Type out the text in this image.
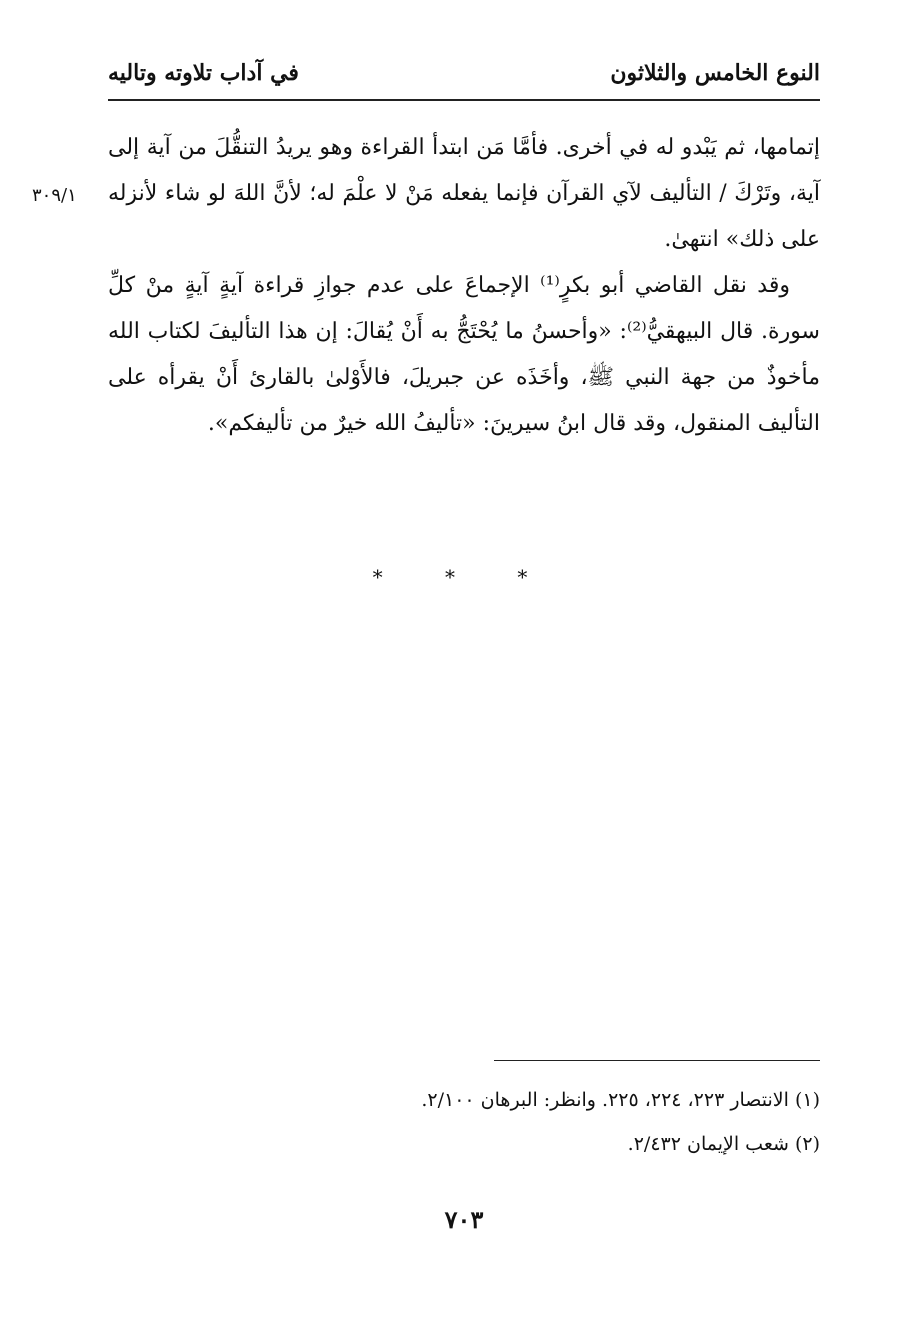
النوع الخامس والثلاثون
في آداب تلاوته وتاليه
٣٠٩/١

إتمامها، ثم يَبْدو له في أخرى. فأمَّا مَن ابتدأ القراءة وهو يريدُ التنقُّلَ من آية إلى آية، وتَرْكَ / التأليف لآي القرآن فإنما يفعله مَنْ لا علْمَ له؛ لأنَّ اللهَ لو شاء لأنزله على ذلك» انتهىٰ.

وقد نقل القاضي أبو بكرٍ⁽¹⁾ الإجماعَ على عدم جوازِ قراءة آيةٍ آيةٍ منْ كلِّ سورة. قال البيهقيُّ⁽²⁾: «وأحسنُ ما يُحْتَجُّ به أَنْ يُقالَ: إن هذا التأليفَ لكتاب الله مأخوذٌ من جهة النبي ﷺ، وأخَذَه عن جبريلَ، فالأَوْلىٰ بالقارئ أَنْ يقرأه على التأليف المنقول، وقد قال ابنُ سيرينَ: «تأليفُ الله خيرٌ من تأليفكم».

* * *
(١) الانتصار ٢٢٣، ٢٢٤، ٢٢٥. وانظر: البرهان ٢/١٠٠.
(٢) شعب الإيمان ٢/٤٣٢.
٧٠٣
